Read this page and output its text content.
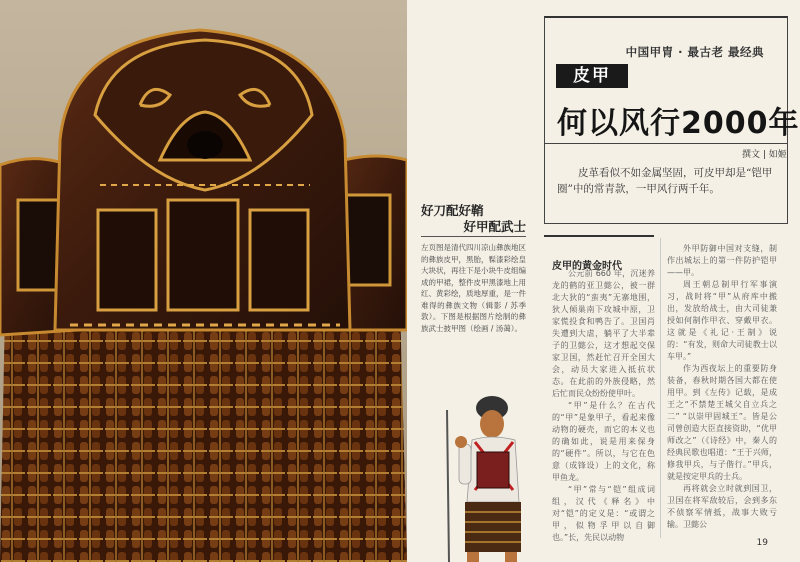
中国甲胄 · 最古老 最经典
皮甲
何以风行2000年
撰文 | 如姬
皮革看似不如金属坚固，可皮甲却是“铠甲圈”中的常青款，一甲风行两千年。
好刀配好鞘
好甲配武士
左页图是清代四川凉山彝族地区的彝族皮甲，黑胎，髹漆彩绘皇大块状，再往下是小块牛皮组编成的甲裙，整件皮甲黑漆地上用红、黄彩绘，质地厚重，是一件难得的彝族文物（辑影 / 苏季敦）。下图是根据图片绘制的彝族武士披甲图（绘画 / 汤蔼）。
皮甲的黄金时代

公元前 660 年，沉迷养龙的鹤的亚卫懿公，被一群北大狄的“蛮夷”无寨地围，狄人倾巢南下攻城中原，卫家慌投食和鸭告了。卫国肖失遭到大虐，躺平了大半辈子的卫懿公，这才想起交保家卫国，然赶忙召开全国大会，动员大家进入抵抗状态。在此前的外族侵略，然后忙而民众纷纷使甲叶。

“甲”是什么？在古代的“甲”是象甲子，看起来像动物的硬壳，而它的本义也的确如此，说是用来保身的“硬件”。所以，与它在色意（成锋设）上的文化，称甲鱼龙。

“甲”常与“铠”组成词组，汉代《释名》中对“铠”的定义是：“或谓之甲，似物孚甲以自御也。”长，先民以动物

外甲防御中国对支缝，制作出城坛上的第一件防护铠甲——甲。

周王朝总制甲行军事演习，战时将“甲”从府库中搬出，发放给战士，由大司徒兼授如何制作甲衣、穿戴甲衣。这就是《礼记·王制》说的：“有发，则命大司徒教士以车甲。”

作为西夜坛上的重要防身装备，春秋时期各国大都在使用甲。到《左传》记载，是成王之“不禁楚王城父自立兵之二” “以崇甲固城王”。皆是公司曾创造大臣直接资助，“优甲师改之”（《诗经》中，秦人的经典民歌也唱道：“王于兴师，修我甲兵，与子偕行。”甲兵，就是按定甲兵的士兵。

再将就会立时就到国卫，卫国在将军敌较后，会到多东不侦察军情抵，战事大败亏输。卫懿公

19
